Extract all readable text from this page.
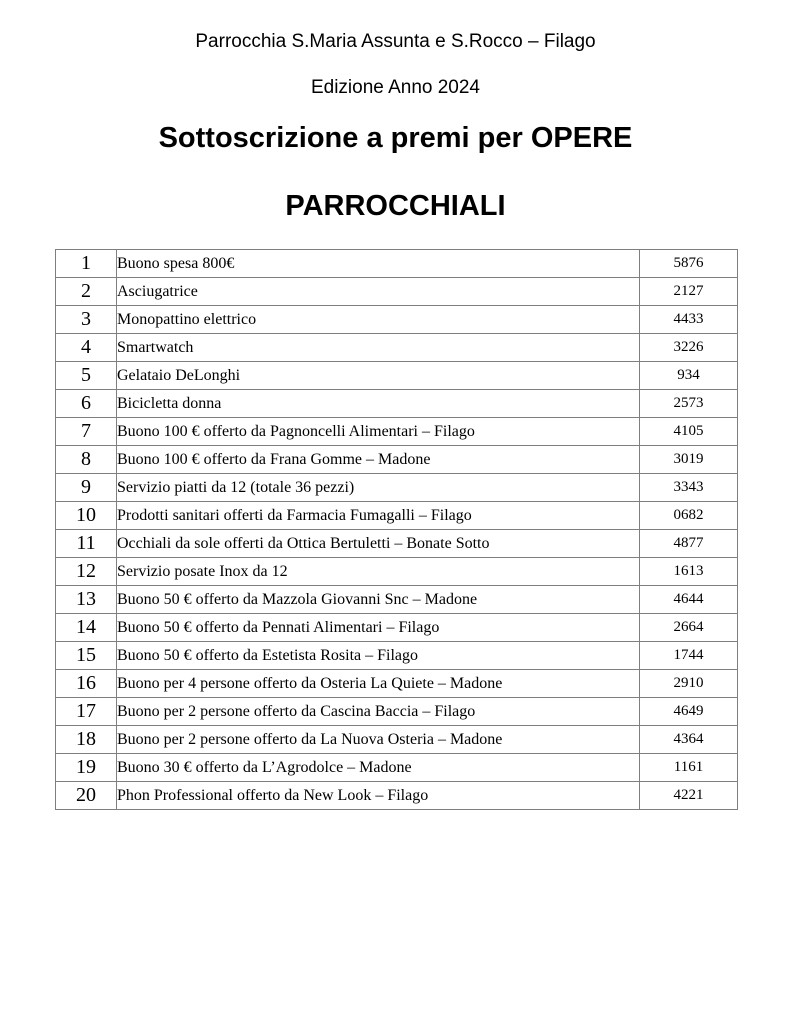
Parrocchia S.Maria Assunta e S.Rocco – Filago
Edizione Anno 2024
Sottoscrizione a premi per OPERE
PARROCCHIALI
1	Buono spesa 800€	5876
2	Asciugatrice	2127
3	Monopattino elettrico	4433
4	Smartwatch	3226
5	Gelataio DeLonghi	934
6	Bicicletta donna	2573
7	Buono 100 € offerto da Pagnoncelli Alimentari – Filago	4105
8	Buono 100 € offerto da Frana Gomme – Madone	3019
9	Servizio piatti da 12 (totale 36 pezzi)	3343
10	Prodotti sanitari offerti da Farmacia Fumagalli – Filago	0682
11	Occhiali da sole offerti da Ottica Bertuletti – Bonate Sotto	4877
12	Servizio posate Inox da 12	1613
13	Buono 50 € offerto da Mazzola Giovanni Snc – Madone	4644
14	Buono 50 € offerto da Pennati Alimentari – Filago	2664
15	Buono 50 € offerto da Estetista Rosita – Filago	1744
16	Buono per 4 persone offerto da Osteria La Quiete – Madone	2910
17	Buono per 2 persone offerto da Cascina Baccia – Filago	4649
18	Buono per 2 persone offerto da La Nuova Osteria – Madone	4364
19	Buono 30 € offerto da L’Agrodolce – Madone	1161
20	Phon Professional offerto da New Look – Filago	4221
